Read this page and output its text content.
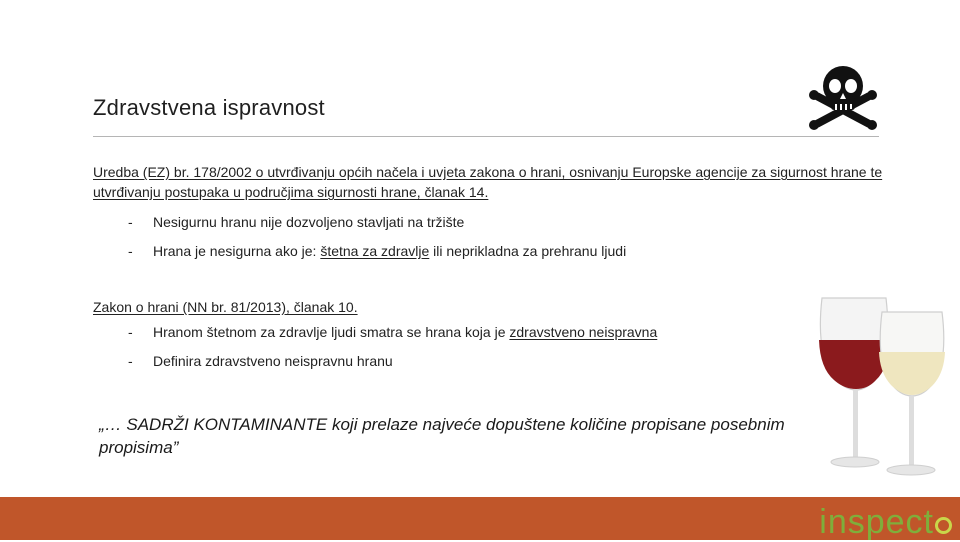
Zdravstvena ispravnost
Uredba (EZ) br. 178/2002 o utvrđivanju općih načela i uvjeta zakona o hrani, osnivanju Europske agencije za sigurnost hrane te utvrđivanju postupaka u područjima sigurnosti hrane, članak 14.
- Nesigurnu hranu nije dozvoljeno stavljati na tržište
- Hrana je nesigurna ako je: štetna za zdravlje ili neprikladna za prehranu ljudi
Zakon o hrani (NN br. 81/2013), članak 10.
- Hranom štetnom za zdravlje ljudi smatra se hrana koja je zdravstveno neispravna
- Definira zdravstveno neispravnu hranu
„… SADRŽI KONTAMINANTE koji prelaze najveće dopuštene količine propisane posebnim propisima”
inspect
